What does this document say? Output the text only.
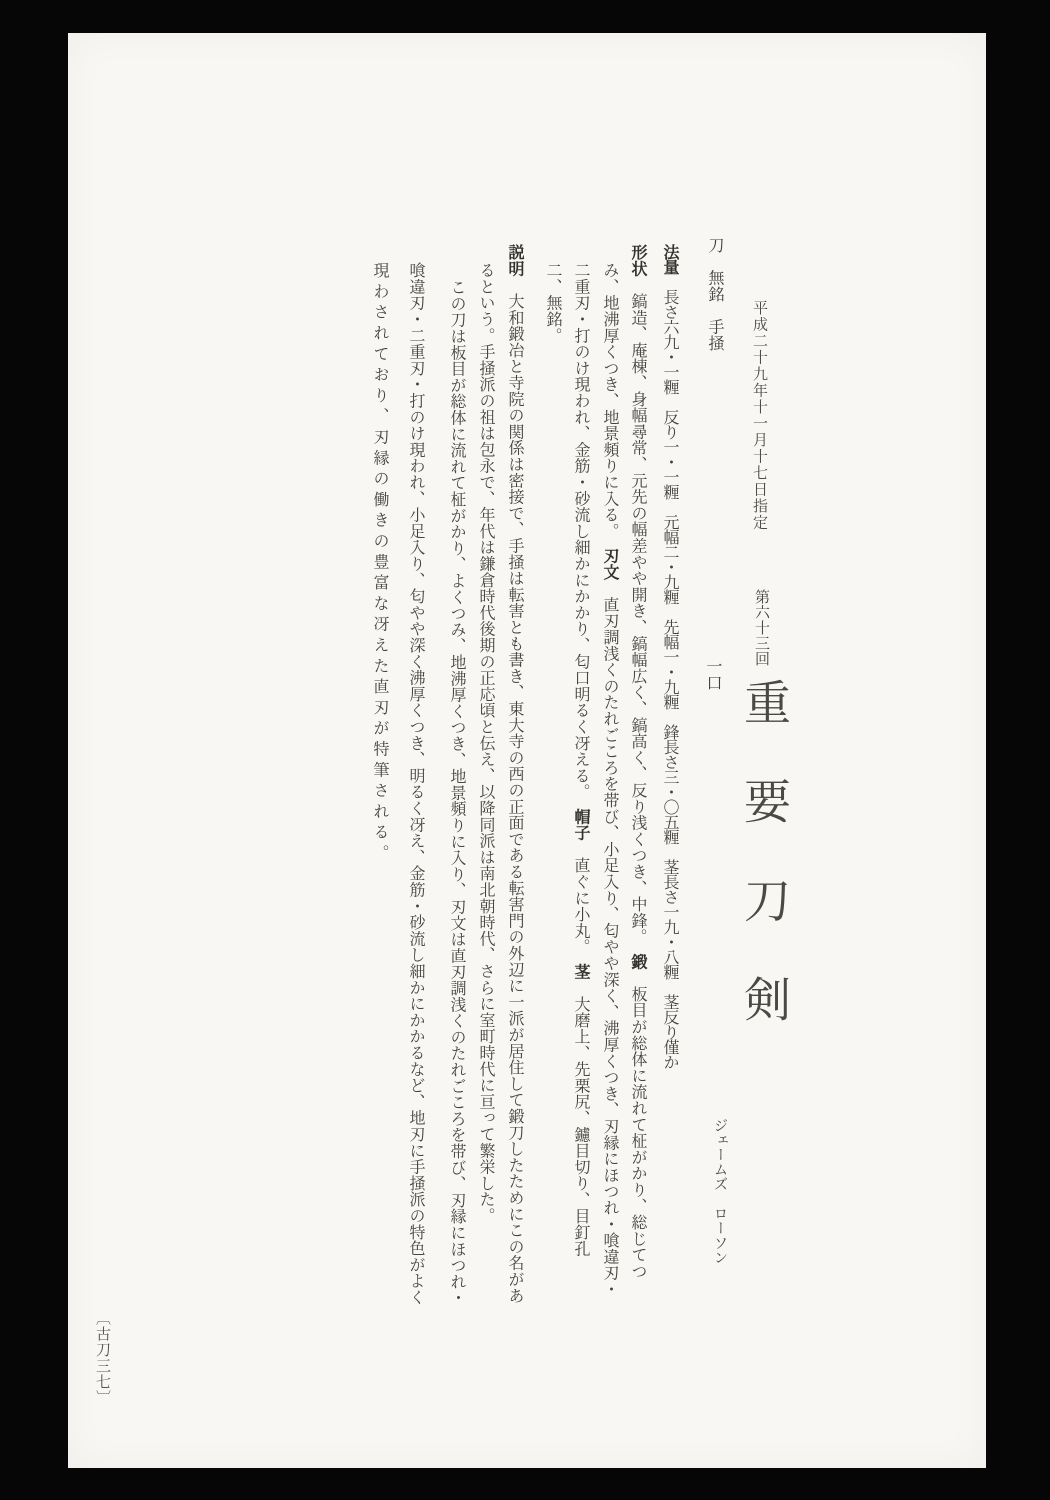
平成二十九年十一月十七日指定
第六十三回
重要刀剣
刀　無銘　手掻
一口
ジェームズ　ローソン
法量　長さ六九・一糎　反り一・一糎　元幅二・九糎　先幅一・九糎　鋒長さ三・〇五糎　茎長さ一九・八糎　茎反り僅か
形状　鎬造、庵棟、身幅尋常、元先の幅差やや開き、鎬幅広く、鎬高く、反り浅くつき、中鋒。　鍛　板目が総体に流れて柾がかり、総じてつ
み、地沸厚くつき、地景頻りに入る。　刃文　直刃調浅くのたれごころを帯び、小足入り、匂やや深く、沸厚くつき、刃縁にほつれ・喰違刃・
二重刃・打のけ現われ、金筋・砂流し細かにかかり、匂口明るく冴える。　帽子　直ぐに小丸。　茎　大磨上、先栗尻、鑢目切り、目釘孔
二、無銘。
説明　大和鍛冶と寺院の関係は密接で、手掻は転害とも書き、東大寺の西の正面である転害門の外辺に一派が居住して鍛刀したためにこの名があ
るという。手掻派の祖は包永で、年代は鎌倉時代後期の正応頃と伝え、以降同派は南北朝時代、さらに室町時代に亘って繁栄した。
この刀は板目が総体に流れて柾がかり、よくつみ、地沸厚くつき、地景頻りに入り、刃文は直刃調浅くのたれごころを帯び、刃縁にほつれ・
喰違刃・二重刃・打のけ現われ、小足入り、匂やや深く沸厚くつき、明るく冴え、金筋・砂流し細かにかかるなど、地刃に手掻派の特色がよく
現わされており、刃縁の働きの豊富な冴えた直刃が特筆される。
〔古刀三七〕
